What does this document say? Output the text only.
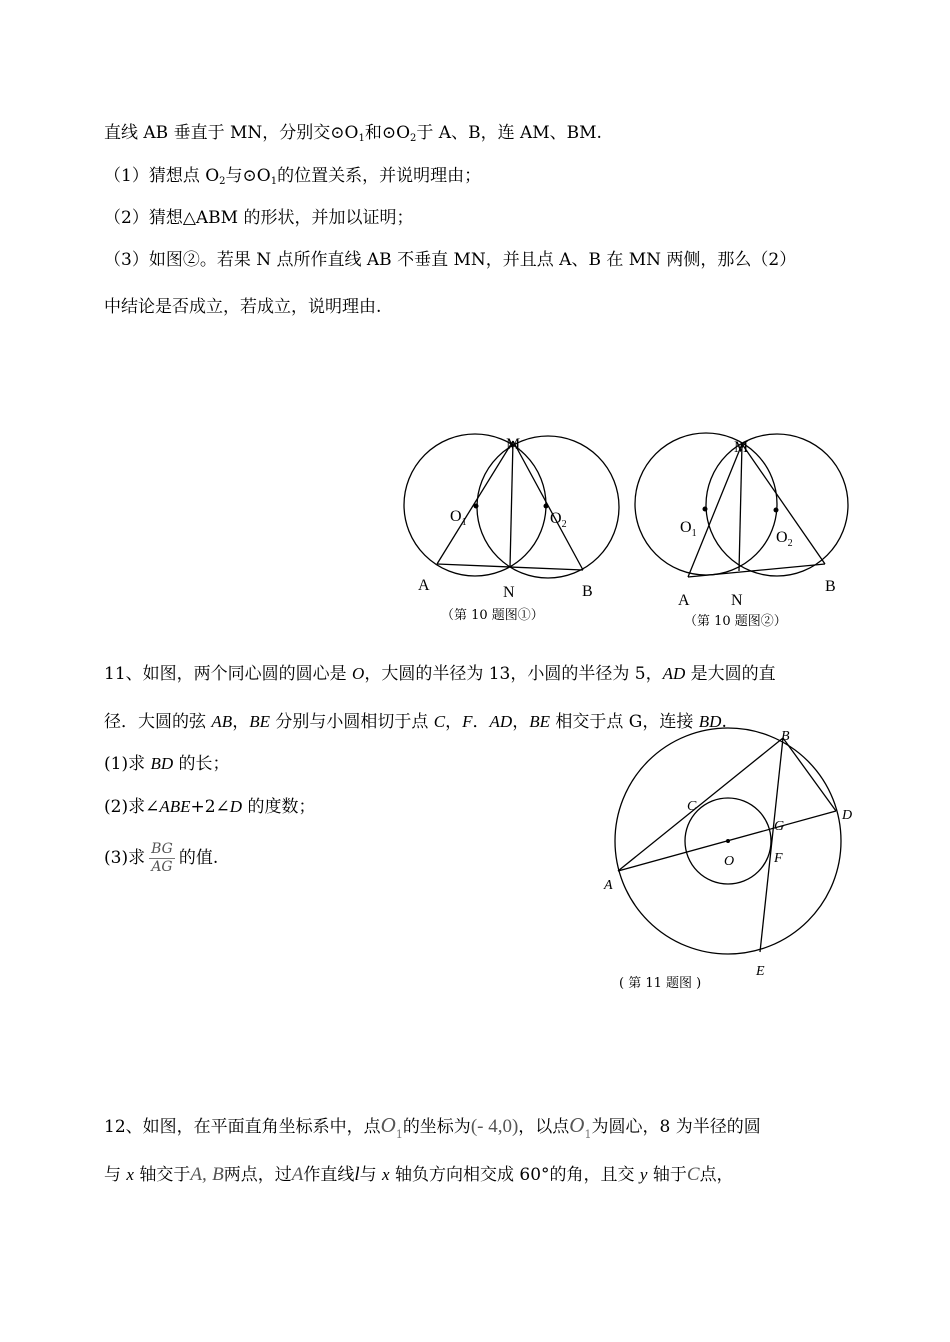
直线 AB 垂直于 MN，分别交$⊙O_1$和$⊙O_2$于 A、B，连 AM、BM.
（1）猜想点 $O_2$与$⊙O_1$的位置关系，并说明理由；
（2）猜想△ABM 的形状，并加以证明；
（3）如图②。若果 N 点所作直线 AB 不垂直 MN，并且点 A、B 在 MN 两侧，那么（2）
中结论是否成立，若成立，说明理由.
M
$O_1$	$O_2$
A	N	B
（第 10 题图①）
M
$O_1$	$O_2$
A	N
B
（第 10 题图②）
11、如图，两个同心圆的圆心是 O，大圆的半径为 13，小圆的半径为 5，AD 是大圆的直
径．大圆的弦 AB，BE 分别与小圆相切于点 C，F．AD，BE 相交于点 G，连接 BD.
(1)求 BD 的长；
(2)求∠ABE+2∠D 的度数；
(3)求 $\frac{BG}{AG}$ 的值.
B
C
D
G
F
O
A
E
( 第 11 题图 )
12、如图，在平面直角坐标系中，点$O_1$的坐标为(- 4,0)，以点$O_1$为圆心，8 为半径的圆
与 x 轴交于A, B两点，过A作直线l与 x 轴负方向相交成 60°的角，且交 y 轴于C点，
